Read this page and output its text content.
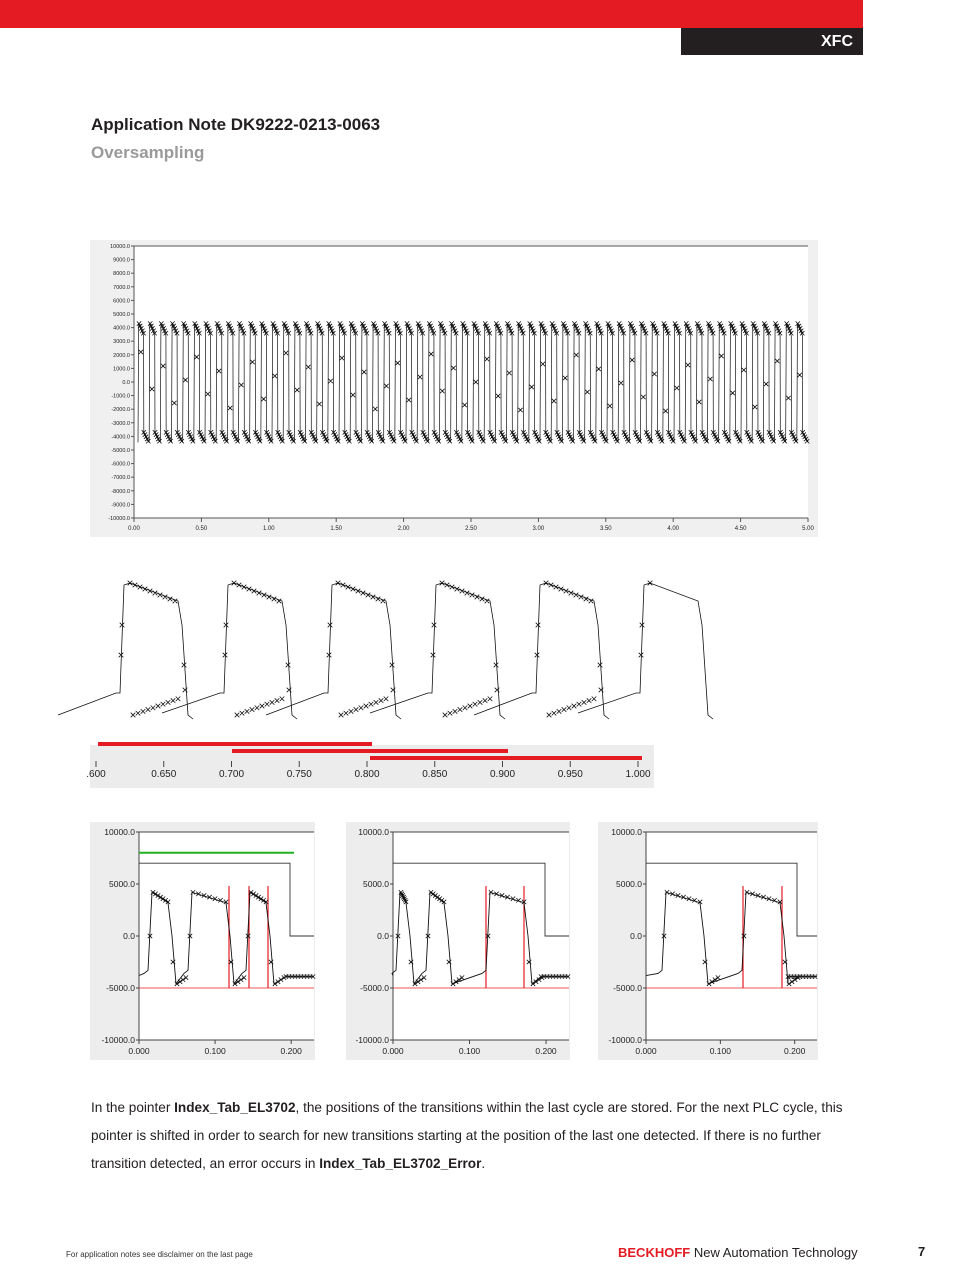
XFC
Application Note DK9222-0213-0063
Oversampling
10000.0
9000.0
8000.0
7000.0
6000.0
5000.0
4000.0
3000.0
2000.0
1000.0
0.0
-1000.0
-2000.0
-3000.0
-4000.0
-5000.0
-6000.0
-7000.0
-8000.0
-9000.0
-10000.0
0.00	0.50	1.00	1.50	2.00	2.50	3.00	3.50	4.00	4.50	5.00
.600	0.650	0.700	0.750	0.800	0.850	0.900	0.950	1.000
10000.0
5000.0
0.0
-5000.0
-10000.0
0.000	0.100	0.200
10000.0
5000.0
0.0
-5000.0
-10000.0
0.000	0.100	0.200
10000.0
5000.0
0.0
-5000.0
-10000.0
0.000	0.100	0.200
In the pointer Index_Tab_EL3702, the positions of the transitions within the last cycle are stored. For the next PLC cycle, this pointer is shifted in order to search for new transitions starting at the position of the last one detected. If there is no further transition detected, an error occurs in Index_Tab_EL3702_Error.
For application notes see disclaimer on the last page	BECKHOFF New Automation Technology	7
